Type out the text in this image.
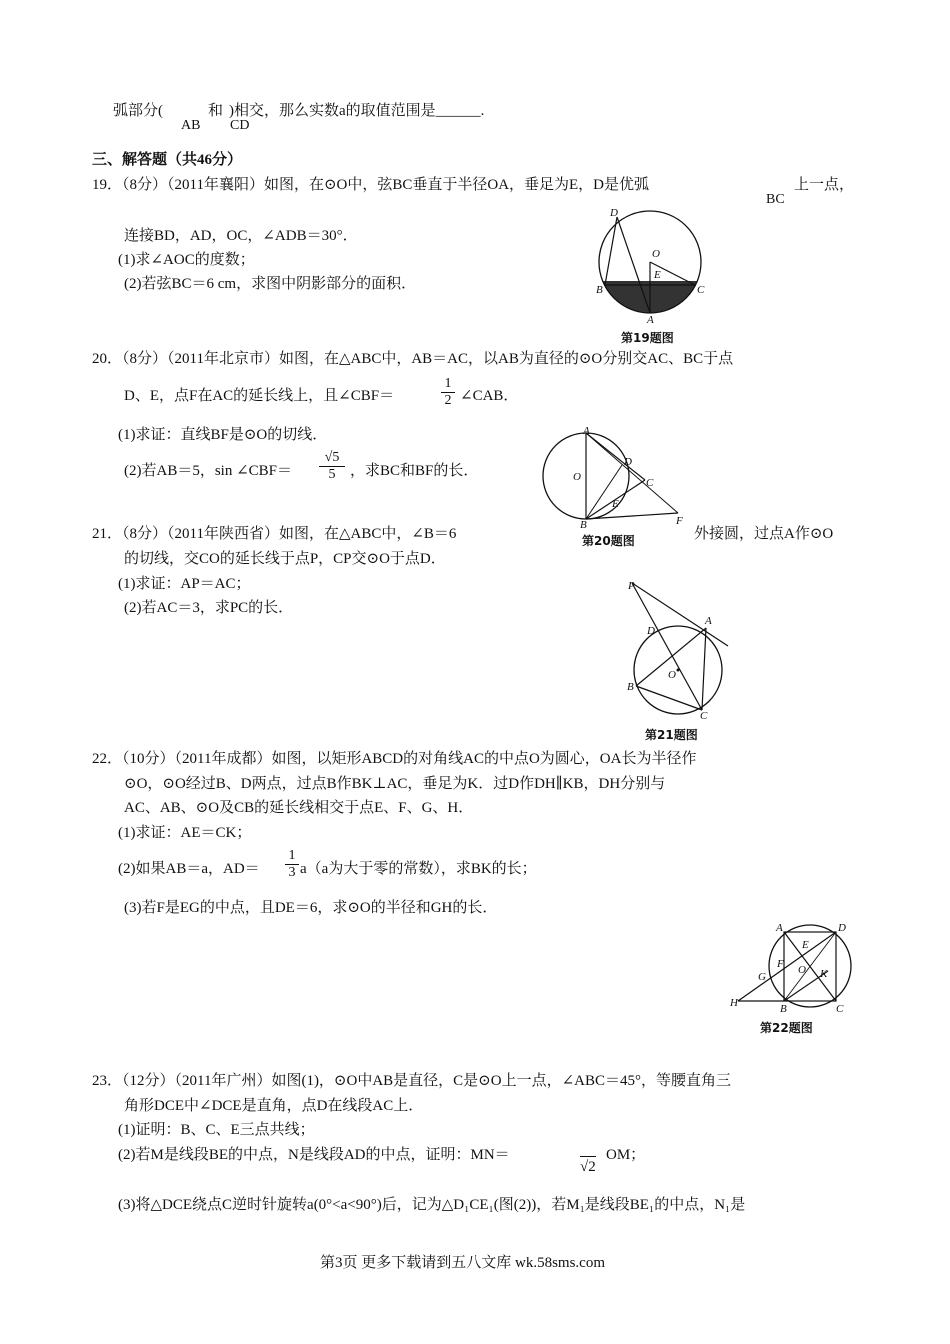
弧部分(	)相交，那么实数a的取值范围是______.
AB
和
CD
三、解答题（共46分）
19．（8分）（2011年襄阳）如图，在⊙O中，弦BC垂直于半径OA，垂足为E，D是优弧
BC
上一点，
连接BD，AD，OC，∠ADB＝30°．
(1)求∠AOC的度数；
(2)若弦BC＝6 cm，求图中阴影部分的面积．
D
O
E
B	C
A
第19题图
20．（8分）（2011年北京市）如图，在△ABC中，AB＝AC，以AB为直径的⊙O分别交AC、BC于点
D、E，点F在AC的延长线上，且∠CBF＝	$\frac{1}{2}$ ∠CAB．
(1)求证：直线BF是⊙O的切线．
(2)若AB＝5，sin ∠CBF＝ $\frac{√5}{5}$ ，求BC和BF的长．
A
D
C
O
E
B	F
第20题图
21．（8分）（2011年陕西省）如图，在△ABC中，∠B＝6	外接圆，过点A作⊙O
的切线，交CO的延长线于点P，CP交⊙O于点D．
(1)求证：AP＝AC；
(2)若AC＝3，求PC的长．
P
D
A
O
B
C
第21题图
22．（10分）（2011年成都）如图，以矩形ABCD的对角线AC的中点O为圆心，OA长为半径作
⊙O，⊙O经过B、D两点，过点B作BK⊥AC，垂足为K．过D作DH∥KB，DH分别与
AC、AB、⊙O及CB的延长线相交于点E、F、G、H．
(1)求证：AE＝CK；
(2)如果AB＝a，$AD= \frac{1}{3} a(a$为大于零的常数），求BK的长；
(3)若F是EG的中点，且DE＝6，求⊙O的半径和GH的长．
A	D
E
F O
G	K
H	B	C
第22题图
23．（12分）（2011年广州）如图(1)，⊙O中AB是直径，C是⊙O上一点，∠ABC＝45°，等腰直角三
角形DCE中∠DCE是直角，点D在线段AC上．
(1)证明：B、C、E三点共线；
(2)若M是线段BE的中点，N是线段AD的中点，证明：MN＝
√2
OM；
(3)将△DCE绕点C逆时针旋转a(0°<a<90°)后，记为△D₁CE₁(图(2))，若M₁是线段BE₁的中点，N₁是
第3页 更多下载请到五八文库 wk.58sms.com
